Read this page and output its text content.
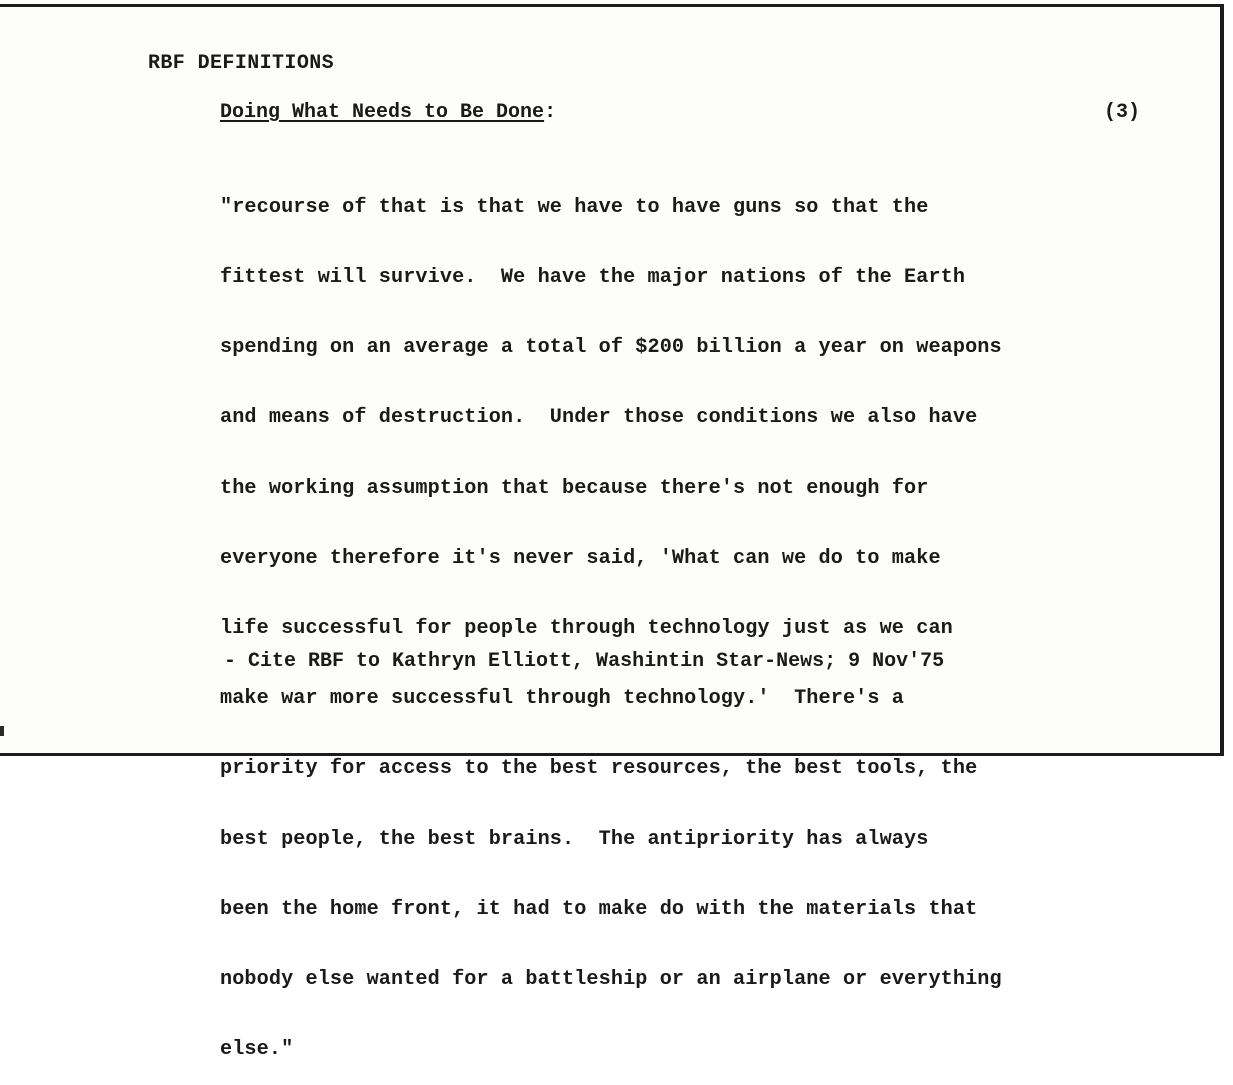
RBF DEFINITIONS
Doing What Needs to Be Done:	(3)

"recourse of that is that we have to have guns so that the

fittest will survive.  We have the major nations of the Earth

spending on an average a total of $200 billion a year on weapons

and means of destruction.  Under those conditions we also have

the working assumption that because there's not enough for

everyone therefore it's never said, 'What can we do to make

life successful for people through technology just as we can

make war more successful through technology.'  There's a

priority for access to the best resources, the best tools, the

best people, the best brains.  The antipriority has always

been the home front, it had to make do with the materials that

nobody else wanted for a battleship or an airplane or everything

else."

- Cite RBF to Kathryn Elliott, Washintin Star-News; 9 Nov'75
